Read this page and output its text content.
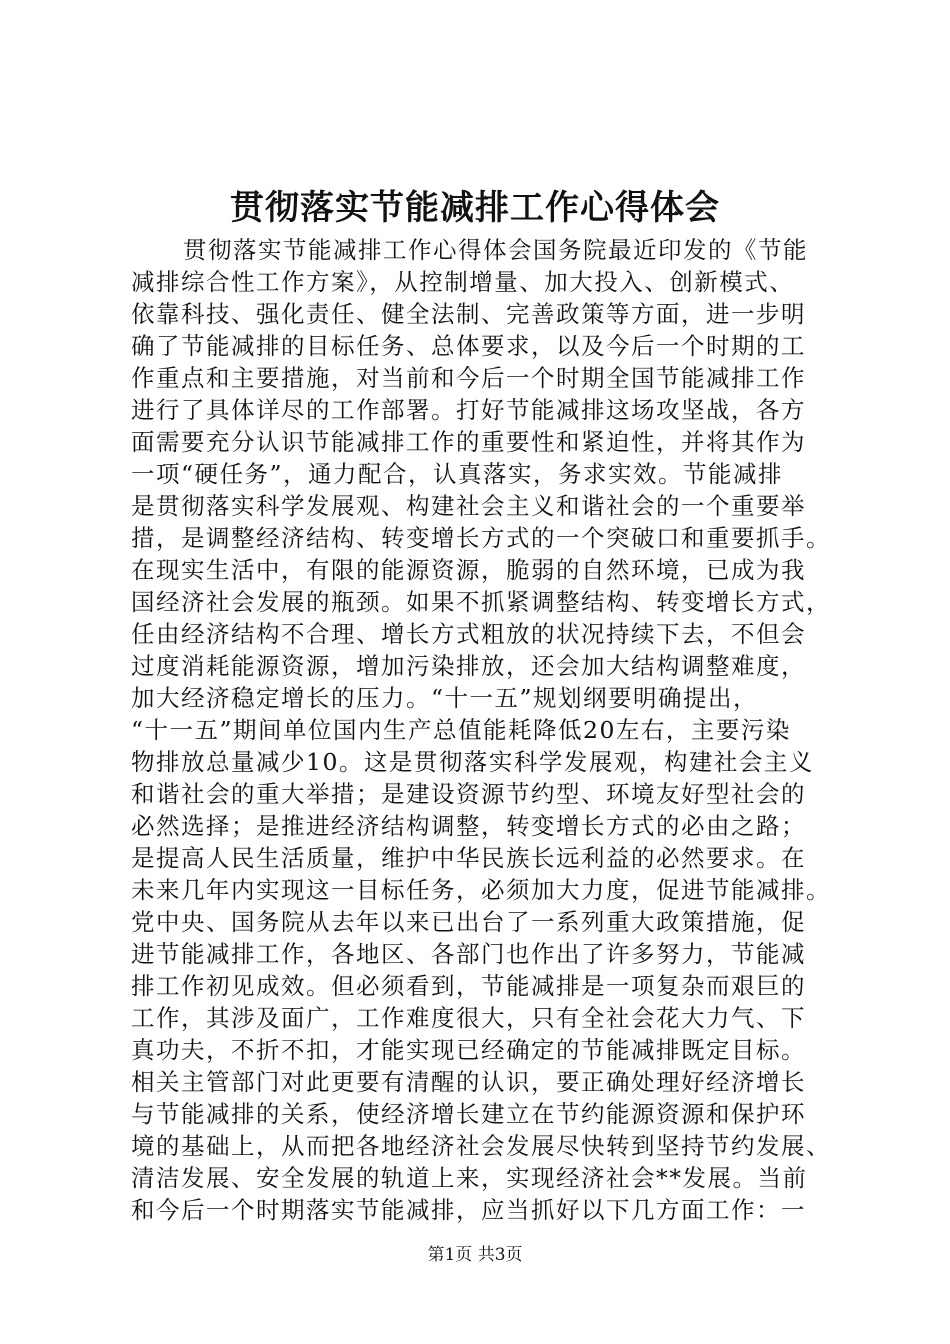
贯彻落实节能减排工作心得体会
贯彻落实节能减排工作心得体会国务院最近印发的《节能
减排综合性工作方案》，从控制增量、加大投入、创新模式、
依靠科技、强化责任、健全法制、完善政策等方面，进一步明
确了节能减排的目标任务、总体要求，以及今后一个时期的工
作重点和主要措施，对当前和今后一个时期全国节能减排工作
进行了具体详尽的工作部署。打好节能减排这场攻坚战，各方
面需要充分认识节能减排工作的重要性和紧迫性，并将其作为
一项“硬任务”，通力配合，认真落实，务求实效。节能减排
是贯彻落实科学发展观、构建社会主义和谐社会的一个重要举
措，是调整经济结构、转变增长方式的一个突破口和重要抓手。
在现实生活中，有限的能源资源，脆弱的自然环境，已成为我
国经济社会发展的瓶颈。如果不抓紧调整结构、转变增长方式，
任由经济结构不合理、增长方式粗放的状况持续下去，不但会
过度消耗能源资源，增加污染排放，还会加大结构调整难度，
加大经济稳定增长的压力。“十一五”规划纲要明确提出，
“十一五”期间单位国内生产总值能耗降低20左右，主要污染
物排放总量减少10。这是贯彻落实科学发展观，构建社会主义
和谐社会的重大举措；是建设资源节约型、环境友好型社会的
必然选择；是推进经济结构调整，转变增长方式的必由之路；
是提高人民生活质量，维护中华民族长远利益的必然要求。在
未来几年内实现这一目标任务，必须加大力度，促进节能减排。
党中央、国务院从去年以来已出台了一系列重大政策措施，促
进节能减排工作，各地区、各部门也作出了许多努力，节能减
排工作初见成效。但必须看到，节能减排是一项复杂而艰巨的
工作，其涉及面广，工作难度很大，只有全社会花大力气、下
真功夫，不折不扣，才能实现已经确定的节能减排既定目标。
相关主管部门对此更要有清醒的认识，要正确处理好经济增长
与节能减排的关系，使经济增长建立在节约能源资源和保护环
境的基础上，从而把各地经济社会发展尽快转到坚持节约发展、
清洁发展、安全发展的轨道上来，实现经济社会**发展。当前
和今后一个时期落实节能减排，应当抓好以下几方面工作：一
第1页 共3页
